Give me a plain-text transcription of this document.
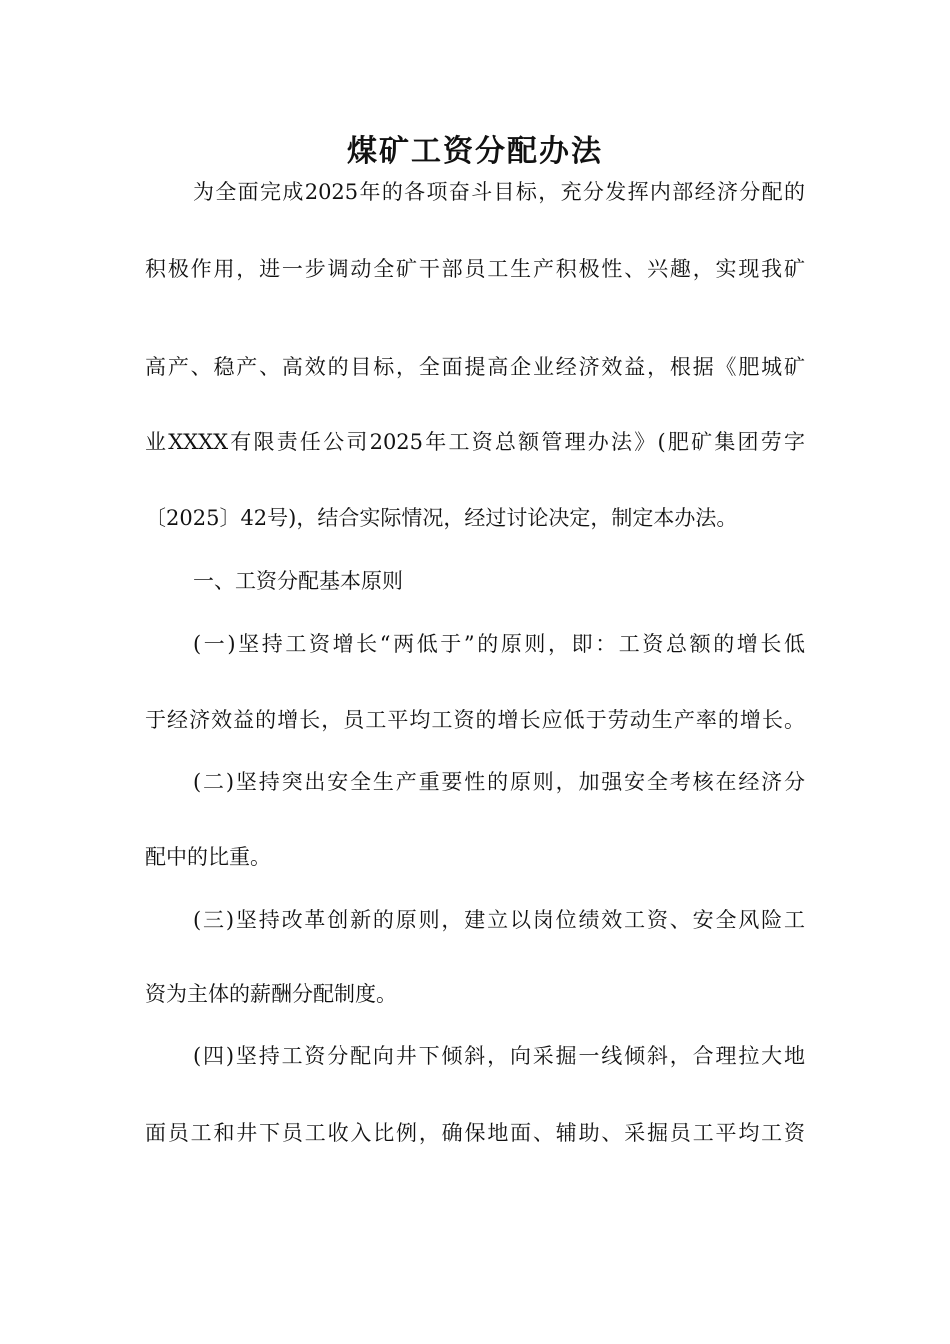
煤矿工资分配办法

为全面完成2025年的各项奋斗目标，充分发挥内部经济分配的

积极作用，进一步调动全矿干部员工生产积极性、兴趣，实现我矿

高产、稳产、高效的目标，全面提高企业经济效益，根据《肥城矿

业XXXX有限责任公司2025年工资总额管理办法》(肥矿集团劳字

〔2025〕42号)，结合实际情况，经过讨论决定，制定本办法。

一、工资分配基本原则

(一)坚持工资增长“两低于”的原则，即：工资总额的增长低

于经济效益的增长，员工平均工资的增长应低于劳动生产率的增长。

(二)坚持突出安全生产重要性的原则，加强安全考核在经济分

配中的比重。

(三)坚持改革创新的原则，建立以岗位绩效工资、安全风险工

资为主体的薪酬分配制度。

(四)坚持工资分配向井下倾斜，向采掘一线倾斜，合理拉大地

面员工和井下员工收入比例，确保地面、辅助、采掘员工平均工资
